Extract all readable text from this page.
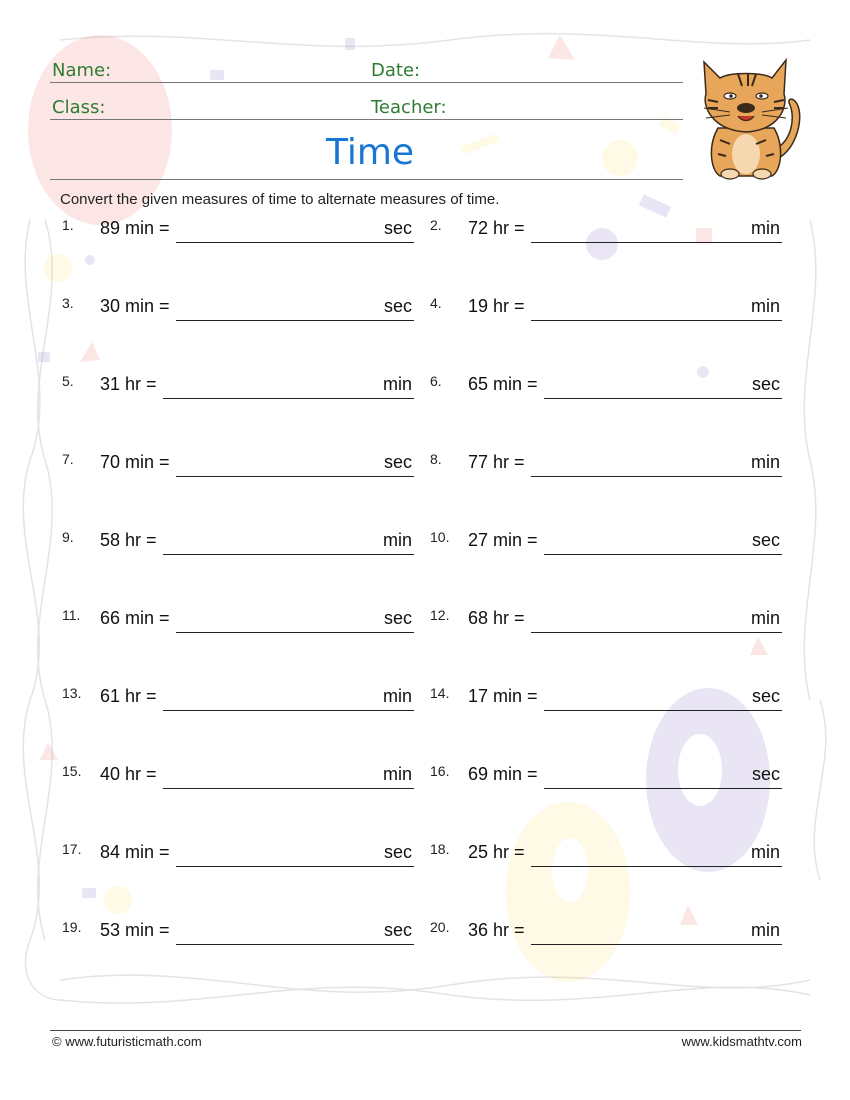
Name:	Date:
Class:	Teacher:
Time
Convert the given measures of time to alternate measures of time.
1. 89 min =	sec 2. 72 hr =	min
3. 30 min =	sec 4. 19 hr =	min
5. 31 hr =	min 6. 65 min =	sec
7. 70 min =	sec 8. 77 hr =	min
9. 58 hr =	min 10. 27 min =	sec
11. 66 min =	sec 12. 68 hr =	min
13. 61 hr =	min 14. 17 min =	sec
15. 40 hr =	min 16. 69 min =	sec
17. 84 min =	sec 18. 25 hr =	min
19. 53 min =	sec 20. 36 hr =	min
© www.futuristicmath.com	www.kidsmathtv.com
